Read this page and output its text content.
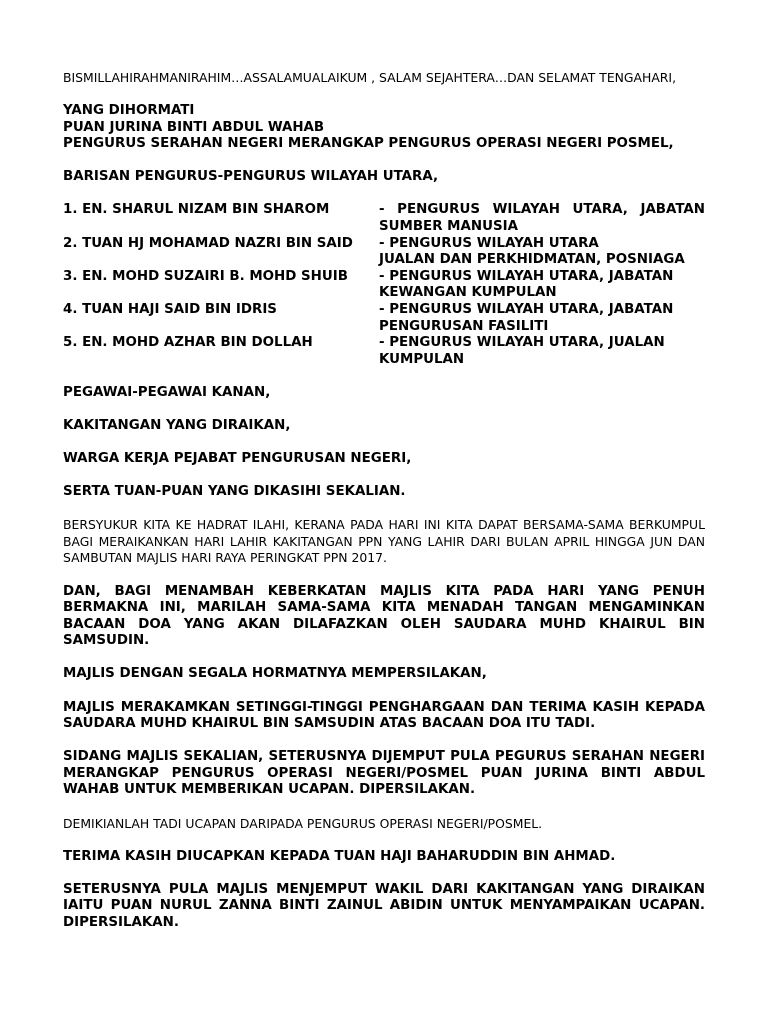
BISMILLAHIRAHMANIRAHIM…ASSALAMUALAIKUM , SALAM SEJAHTERA…DAN SELAMAT TENGAHARI,

YANG DIHORMATI

PUAN JURINA BINTI ABDUL WAHAB

PENGURUS SERAHAN NEGERI MERANGKAP PENGURUS OPERASI NEGERI POSMEL,

BARISAN PENGURUS-PENGURUS WILAYAH UTARA,

1. EN. SHARUL NIZAM BIN SHAROM	- PENGURUS WILAYAH UTARA, JABATAN
SUMBER MANUSIA
2. TUAN HJ MOHAMAD NAZRI BIN SAID	- PENGURUS WILAYAH UTARA
JUALAN DAN PERKHIDMATAN, POSNIAGA
3. EN. MOHD SUZAIRI B. MOHD SHUIB	- PENGURUS WILAYAH UTARA, JABATAN
KEWANGAN KUMPULAN
4. TUAN HAJI SAID BIN IDRIS	- PENGURUS WILAYAH UTARA, JABATAN
PENGURUSAN FASILITI
5. EN. MOHD AZHAR BIN DOLLAH	- PENGURUS WILAYAH UTARA, JUALAN
KUMPULAN

PEGAWAI-PEGAWAI KANAN,

KAKITANGAN YANG DIRAIKAN,

WARGA KERJA PEJABAT PENGURUSAN NEGERI,

SERTA TUAN-PUAN YANG DIKASIHI SEKALIAN.

BERSYUKUR KITA KE HADRAT ILAHI, KERANA PADA HARI INI KITA DAPAT BERSAMA-SAMA BERKUMPUL BAGI MERAIKANKAN HARI LAHIR KAKITANGAN PPN YANG LAHIR DARI BULAN APRIL HINGGA JUN DAN SAMBUTAN MAJLIS HARI RAYA PERINGKAT PPN 2017.

DAN, BAGI MENAMBAH KEBERKATAN MAJLIS KITA PADA HARI YANG PENUH BERMAKNA INI, MARILAH SAMA-SAMA KITA MENADAH TANGAN MENGAMINKAN BACAAN DOA YANG AKAN DILAFAZKAN OLEH SAUDARA MUHD KHAIRUL BIN SAMSUDIN.

MAJLIS DENGAN SEGALA HORMATNYA MEMPERSILAKAN,

MAJLIS MERAKAMKAN SETINGGI-TINGGI PENGHARGAAN DAN TERIMA KASIH KEPADA SAUDARA MUHD KHAIRUL BIN SAMSUDIN ATAS BACAAN DOA ITU TADI.

SIDANG MAJLIS SEKALIAN, SETERUSNYA DIJEMPUT PULA PEGURUS SERAHAN NEGERI MERANGKAP PENGURUS OPERASI NEGERI/POSMEL PUAN JURINA BINTI ABDUL WAHAB UNTUK MEMBERIKAN UCAPAN. DIPERSILAKAN.

DEMIKIANLAH TADI UCAPAN DARIPADA PENGURUS OPERASI NEGERI/POSMEL.

TERIMA KASIH DIUCAPKAN KEPADA TUAN HAJI BAHARUDDIN BIN AHMAD.

SETERUSNYA PULA MAJLIS MENJEMPUT WAKIL DARI KAKITANGAN YANG DIRAIKAN IAITU PUAN NURUL ZANNA BINTI ZAINUL ABIDIN UNTUK MENYAMPAIKAN UCAPAN. DIPERSILAKAN.
